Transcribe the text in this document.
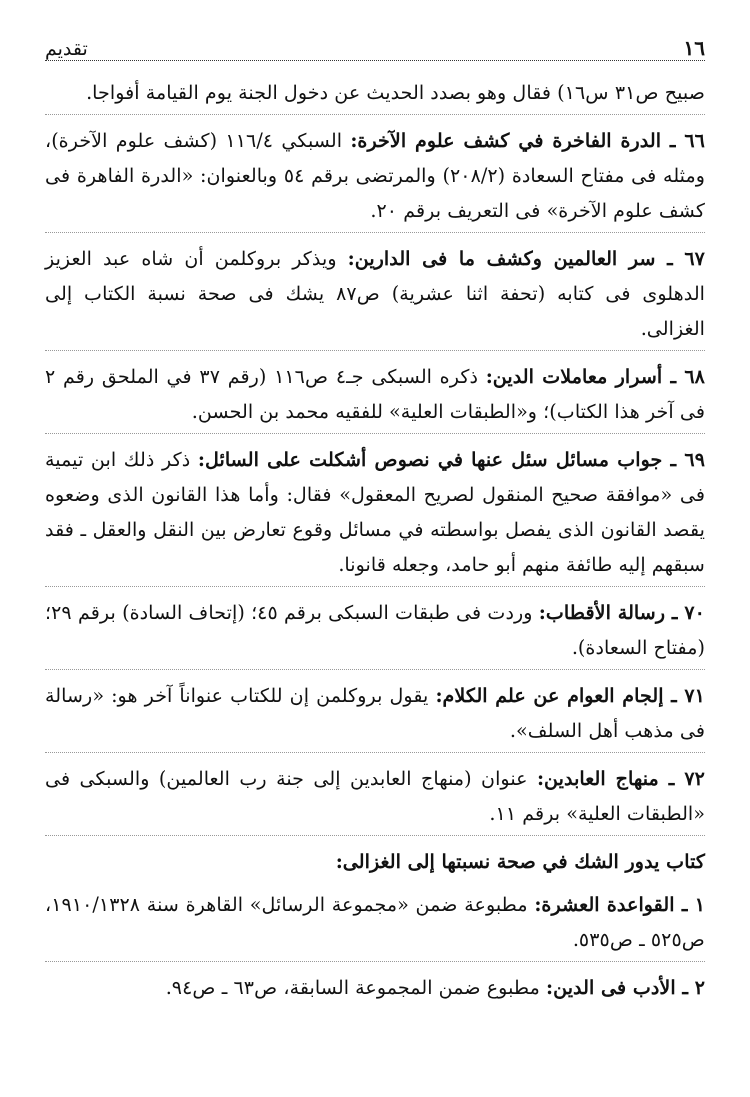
١٦
تقديم

صبيح ص٣١ س١٦) فقال وهو بصدد الحديث عن دخول الجنة يوم القيامة أفواجا.

٦٦ ـ الدرة الفاخرة في كشف علوم الآخرة: السبكي ١١٦/٤ (كشف علوم الآخرة)، ومثله فى مفتاح السعادة (٢٠٨/٢) والمرتضى برقم ٥٤ وبالعنوان: «الدرة الفاهرة فى كشف علوم الآخرة» فى التعريف برقم ٢٠.

٦٧ ـ سر العالمين وكشف ما فى الدارين: ويذكر بروكلمن أن شاه عبد العزيز الدهلوى فى كتابه (تحفة اثنا عشرية) ص٨٧ يشك فى صحة نسبة الكتاب إلى الغزالى.

٦٨ ـ أسرار معاملات الدين: ذكره السبكى جـ٤ ص١١٦ (رقم ٣٧ في الملحق رقم ٢ فى آخر هذا الكتاب)؛ و«الطبقات العلية» للفقيه محمد بن الحسن.

٦٩ ـ جواب مسائل سئل عنها في نصوص أشكلت على السائل: ذكر ذلك ابن تيمية فى «موافقة صحيح المنقول لصريح المعقول» فقال: وأما هذا القانون الذى وضعوه يقصد القانون الذى يفصل بواسطته في مسائل وقوع تعارض بين النقل والعقل ـ فقد سبقهم إليه طائفة منهم أبو حامد، وجعله قانونا.

٧٠ ـ رسالة الأقطاب: وردت فى طبقات السبكى برقم ٤٥؛ (إتحاف السادة) برقم ٢٩؛ (مفتاح السعادة).

٧١ ـ إلجام العوام عن علم الكلام: يقول بروكلمن إن للكتاب عنواناً آخر هو: «رسالة فى مذهب أهل السلف».

٧٢ ـ منهاج العابدين: عنوان (منهاج العابدين إلى جنة رب العالمين) والسبكى فى «الطبقات العلية» برقم ١١.

كتاب يدور الشك في صحة نسبتها إلى الغزالى:

١ ـ القواعدة العشرة: مطبوعة ضمن «مجموعة الرسائل» القاهرة سنة ١٩١٠/١٣٢٨، ص٥٢٥ ـ ص٥٣٥.

٢ ـ الأدب فى الدين: مطبوع ضمن المجموعة السابقة، ص٦٣ ـ ص٩٤.
